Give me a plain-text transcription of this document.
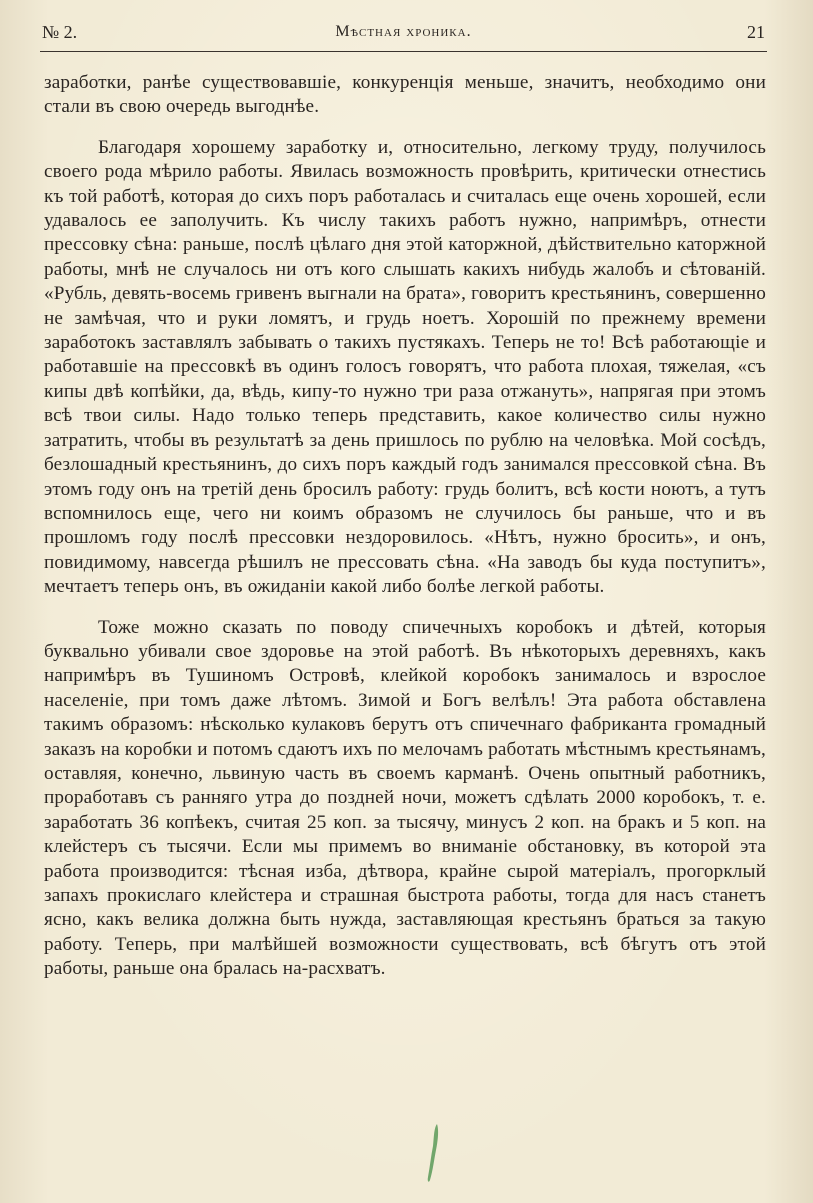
№ 2.	Мѣстная хроника.	21

заработки, ранѣе существовавшіе, конкуренція меньше, значитъ, необходимо они стали въ свою очередь выгоднѣе.

Благодаря хорошему заработку и, относительно, легкому труду, получилось своего рода мѣрило работы. Явилась возможность провѣрить, критически отнестись къ той работѣ, которая до сихъ поръ работалась и считалась еще очень хорошей, если удавалось ее заполучить. Къ числу такихъ работъ нужно, напримѣръ, отнести прессовку сѣна: раньше, послѣ цѣлаго дня этой каторжной, дѣйствительно каторжной работы, мнѣ не случалось ни отъ кого слышать какихъ нибудь жалобъ и сѣтованій. «Рубль, девять-восемь гривенъ выгнали на брата», говоритъ крестьянинъ, совершенно не замѣчая, что и руки ломятъ, и грудь ноетъ. Хорошій по прежнему времени заработокъ заставлялъ забывать о такихъ пустякахъ. Теперь не то! Всѣ работающіе и работавшіе на прессовкѣ въ одинъ голосъ говорятъ, что работа плохая, тяжелая, «съ кипы двѣ копѣйки, да, вѣдь, кипу-то нужно три раза отжануть», напрягая при этомъ всѣ твои силы. Надо только теперь представить, какое количество силы нужно затратить, чтобы въ результатѣ за день пришлось по рублю на человѣка. Мой сосѣдъ, безлошадный крестьянинъ, до сихъ поръ каждый годъ занимался прессовкой сѣна. Въ этомъ году онъ на третій день бросилъ работу: грудь болитъ, всѣ кости ноютъ, а тутъ вспомнилось еще, чего ни коимъ образомъ не случилось бы раньше, что и въ прошломъ году послѣ прессовки нездоровилось. «Нѣтъ, нужно бросить», и онъ, повидимому, навсегда рѣшилъ не прессовать сѣна. «На заводъ бы куда поступитъ», мечтаетъ теперь онъ, въ ожиданіи какой либо болѣе легкой работы.

Тоже можно сказать по поводу спичечныхъ коробокъ и дѣтей, которыя буквально убивали свое здоровье на этой работѣ. Въ нѣкоторыхъ деревняхъ, какъ напримѣръ въ Тушиномъ Островѣ, клейкой коробокъ занималось и взрослое населеніе, при томъ даже лѣтомъ. Зимой и Богъ велѣлъ! Эта работа обставлена такимъ образомъ: нѣсколько кулаковъ берутъ отъ спичечнаго фабриканта громадный заказъ на коробки и потомъ сдаютъ ихъ по мелочамъ работать мѣстнымъ крестьянамъ, оставляя, конечно, львиную часть въ своемъ карманѣ. Очень опытный работникъ, проработавъ съ ранняго утра до поздней ночи, можетъ сдѣлать 2000 коробокъ, т. е. заработать 36 копѣекъ, считая 25 коп. за тысячу, минусъ 2 коп. на бракъ и 5 коп. на клейстеръ съ тысячи. Если мы примемъ во вниманіе обстановку, въ которой эта работа производится: тѣсная изба, дѣтвора, крайне сырой матеріалъ, прогорклый запахъ прокислаго клейстера и страшная быстрота работы, тогда для насъ станетъ ясно, какъ велика должна быть нужда, заставляющая крестьянъ браться за такую работу. Теперь, при малѣйшей возможности существовать, всѣ бѣгутъ отъ этой работы, раньше она бралась на-расхватъ.
